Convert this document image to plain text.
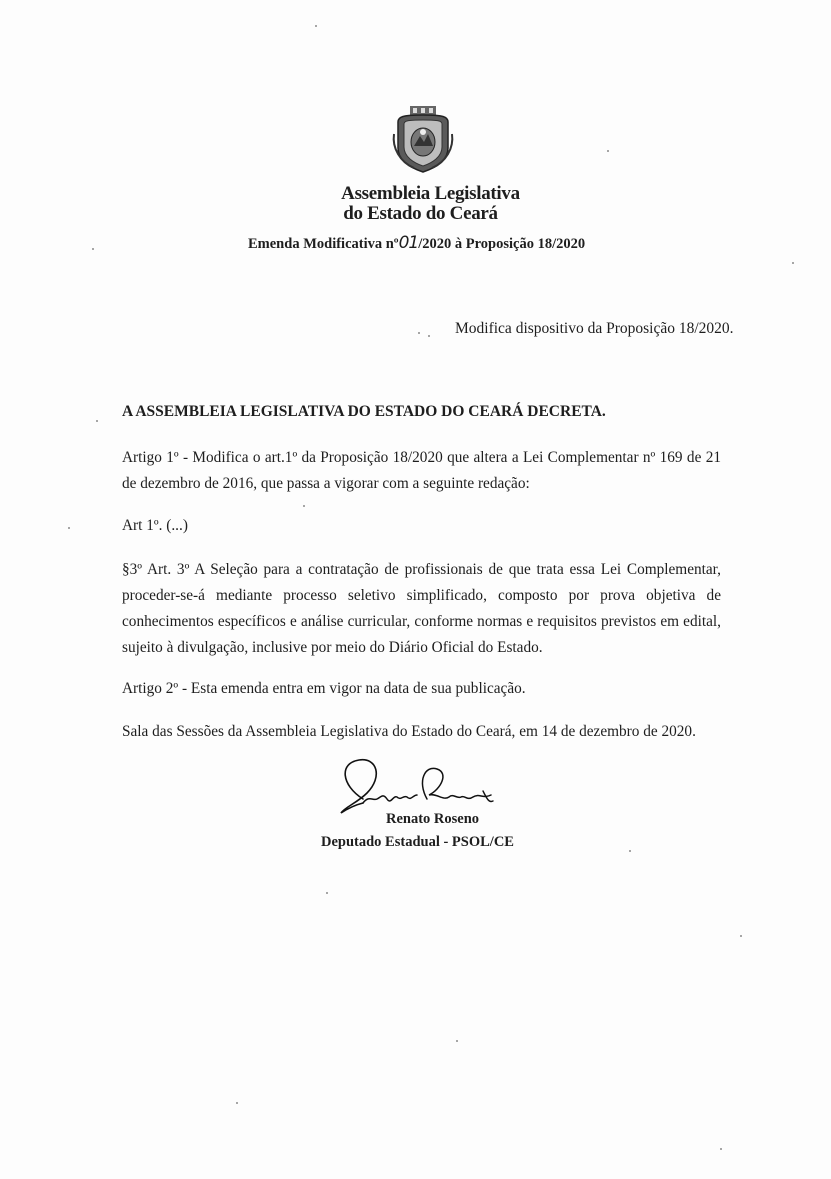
Assembleia Legislativa
do Estado do Ceará
Emenda Modificativa nº01/2020 à Proposição 18/2020
Modifica dispositivo da Proposição 18/2020.
A ASSEMBLEIA LEGISLATIVA DO ESTADO DO CEARÁ DECRETA.
Artigo 1º - Modifica o art.1º da Proposição 18/2020 que altera a Lei Complementar nº 169 de 21 de dezembro de 2016, que passa a vigorar com a seguinte redação:
Art 1º. (...)
§3º Art. 3º A Seleção para a contratação de profissionais de que trata essa Lei Complementar, proceder-se-á mediante processo seletivo simplificado, composto por prova objetiva de conhecimentos específicos e análise curricular, conforme normas e requisitos previstos em edital, sujeito à divulgação, inclusive por meio do Diário Oficial do Estado.
Artigo 2º - Esta emenda entra em vigor na data de sua publicação.
Sala das Sessões da Assembleia Legislativa do Estado do Ceará, em 14 de dezembro de 2020.
Renato Roseno
Deputado Estadual - PSOL/CE
